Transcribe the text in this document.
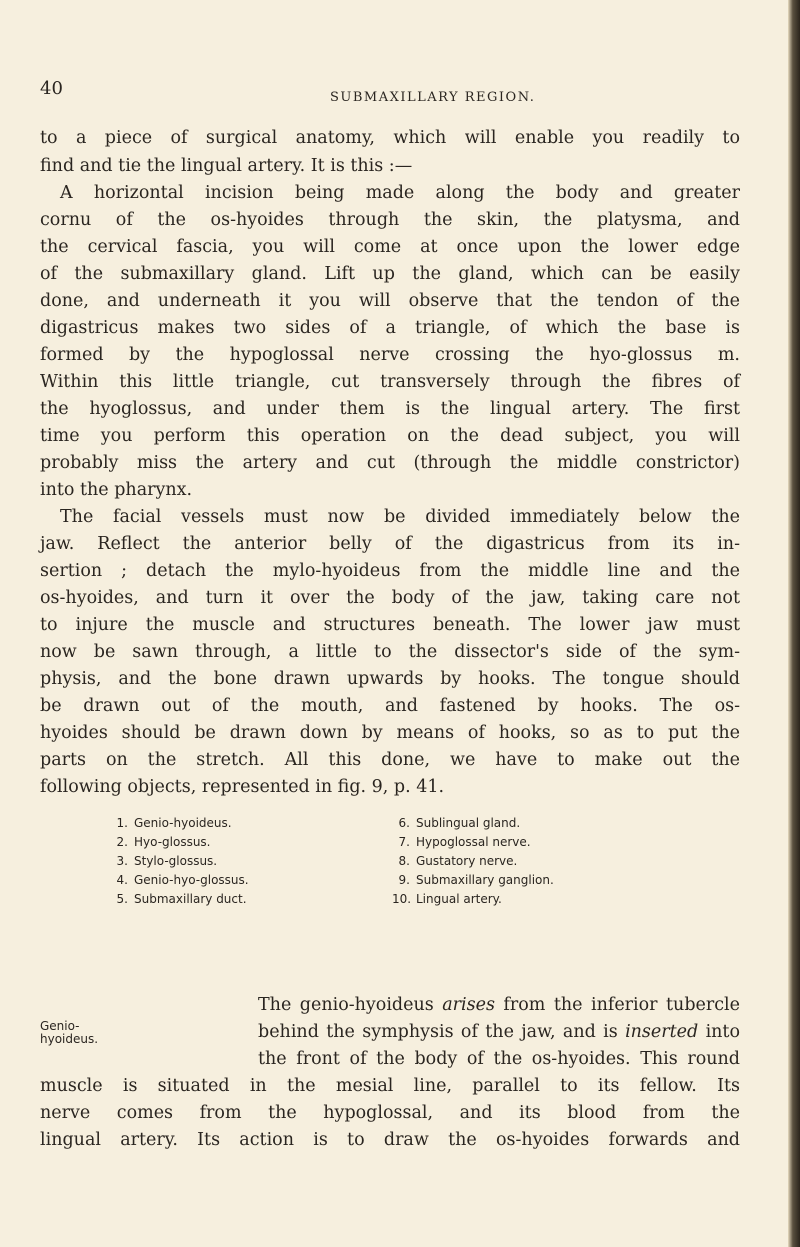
40	SUBMAXILLARY REGION.
to a piece of surgical anatomy, which will enable you readily to
find and tie the lingual artery. It is this :—
A horizontal incision being made along the body and greater
cornu of the os-hyoides through the skin, the platysma, and
the cervical fascia, you will come at once upon the lower edge
of the submaxillary gland. Lift up the gland, which can be easily
done, and underneath it you will observe that the tendon of the
digastricus makes two sides of a triangle, of which the base is
formed by the hypoglossal nerve crossing the hyo-glossus m.
Within this little triangle, cut transversely through the fibres of
the hyoglossus, and under them is the lingual artery. The first
time you perform this operation on the dead subject, you will
probably miss the artery and cut (through the middle constrictor)
into the pharynx.
The facial vessels must now be divided immediately below the
jaw. Reflect the anterior belly of the digastricus from its in-
sertion ; detach the mylo-hyoideus from the middle line and the
os-hyoides, and turn it over the body of the jaw, taking care not
to injure the muscle and structures beneath. The lower jaw must
now be sawn through, a little to the dissector's side of the sym-
physis, and the bone drawn upwards by hooks. The tongue should
be drawn out of the mouth, and fastened by hooks. The os-
hyoides should be drawn down by means of hooks, so as to put the
parts on the stretch. All this done, we have to make out the
following objects, represented in fig. 9, p. 41.
1. Genio-hyoideus.
2. Hyo-glossus.
3. Stylo-glossus.
4. Genio-hyo-glossus.
5. Submaxillary duct.
6. Sublingual gland.
7. Hypoglossal nerve.
8. Gustatory nerve.
9. Submaxillary ganglion.
10. Lingual artery.
Genio-
hyoideus.
The genio-hyoideus arises from the inferior tubercle
behind the symphysis of the jaw, and is inserted into
the front of the body of the os-hyoides. This round
muscle is situated in the mesial line, parallel to its fellow. Its
nerve comes from the hypoglossal, and its blood from the
lingual artery. Its action is to draw the os-hyoides forwards and
